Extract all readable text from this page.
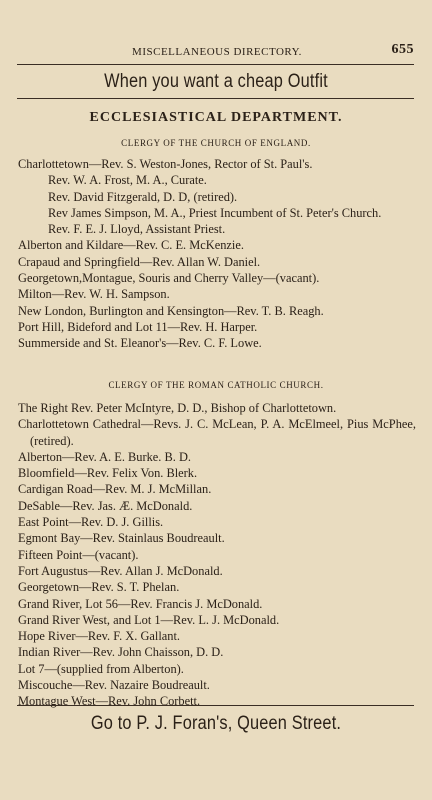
MISCELLANEOUS DIRECTORY.	655
When you want a cheap Outfit
ECCLESIASTICAL DEPARTMENT.
CLERGY OF THE CHURCH OF ENGLAND.
Charlottetown—Rev. S. Weston-Jones, Rector of St. Paul's.
Rev. W. A. Frost, M. A., Curate.
Rev. David Fitzgerald, D. D, (retired).
Rev James Simpson, M. A., Priest Incumbent of St. Peter's Church.
Rev. F. E. J. Lloyd, Assistant Priest.
Alberton and Kildare—Rev. C. E. McKenzie.
Crapaud and Springfield—Rev. Allan W. Daniel.
Georgetown,Montague, Souris and Cherry Valley—(vacant).
Milton—Rev. W. H. Sampson.
New London, Burlington and Kensington—Rev. T. B. Reagh.
Port Hill, Bideford and Lot 11—Rev. H. Harper.
Summerside and St. Eleanor's—Rev. C. F. Lowe.
CLERGY OF THE ROMAN CATHOLIC CHURCH.
The Right Rev. Peter McIntyre, D. D., Bishop of Charlottetown.
Charlottetown Cathedral—Revs. J. C. McLean, P. A. McElmeel, Pius McPhee, (retired).
Alberton—Rev. A. E. Burke. B. D.
Bloomfield—Rev. Felix Von. Blerk.
Cardigan Road—Rev. M. J. McMillan.
DeSable—Rev. Jas. Æ. McDonald.
East Point—Rev. D. J. Gillis.
Egmont Bay—Rev. Stainlaus Boudreault.
Fifteen Point—(vacant).
Fort Augustus—Rev. Allan J. McDonald.
Georgetown—Rev. S. T. Phelan.
Grand River, Lot 56—Rev. Francis J. McDonald.
Grand River West, and Lot 1—Rev. L. J. McDonald.
Hope River—Rev. F. X. Gallant.
Indian River—Rev. John Chaisson, D. D.
Lot 7—(supplied from Alberton).
Miscouche—Rev. Nazaire Boudreault.
Montague West—Rev. John Corbett.
Go to P. J. Foran's, Queen Street.
